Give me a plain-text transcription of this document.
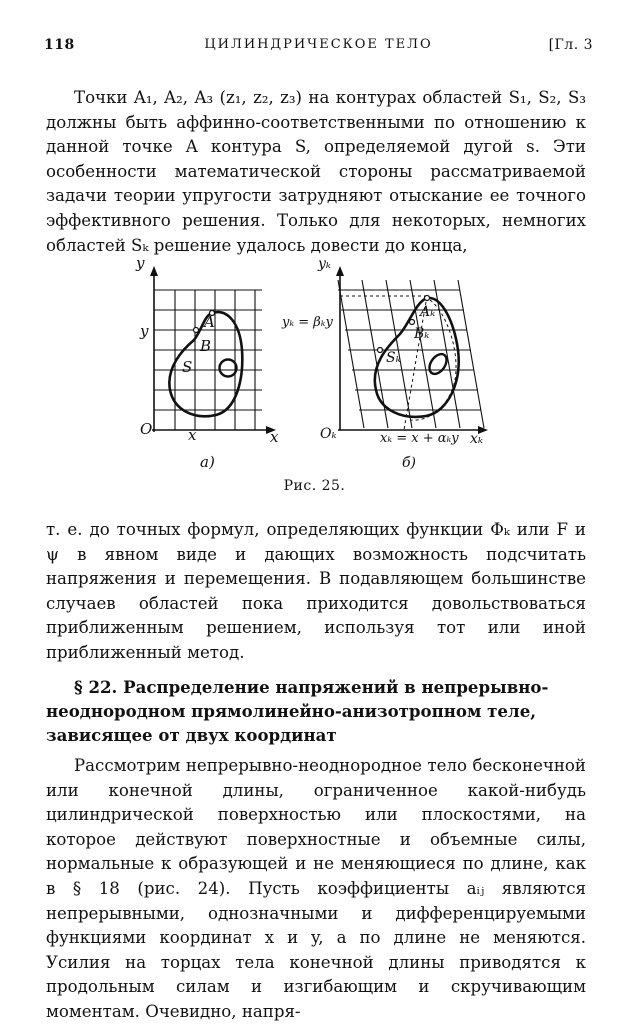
118	ЦИЛИНДРИЧЕСКОЕ ТЕЛО	[Гл. 3

Точки A₁, A₂, A₃ (z₁, z₂, z₃) на контурах областей S₁, S₂, S₃ должны быть аффинно-соответственными по отношению к данной точке A контура S, определяемой дугой s. Эти особенности математической стороны рассматриваемой задачи теории упругости затрудняют отыскание ее точного эффективного решения. Только для некоторых, немногих областей Sₖ решение удалось довести до конца,

y
y
O x	x
A
B
S
а)
yₖ
yₖ = βₖy
Oₖ	xₖ = x + αₖy xₖ
Aₖ
Bₖ
Sₖ
б)
Рис. 25.

т. е. до точных формул, определяющих функции Φₖ или F и ψ в явном виде и дающих возможность подсчитать напряжения и перемещения. В подавляющем большинстве случаев областей пока приходится довольствоваться приближенным решением, используя тот или иной приближенный метод.

§ 22. Распределение напряжений в непрерывно-неоднородном прямолинейно-анизотропном теле, зависящее от двух координат

Рассмотрим непрерывно-неоднородное тело бесконечной или конечной длины, ограниченное какой-нибудь цилиндрической поверхностью или плоскостями, на которое действуют поверхностные и объемные силы, нормальные к образующей и не меняющиеся по длине, как в § 18 (рис. 24). Пусть коэффициенты aᵢⱼ являются непрерывными, однозначными и дифференцируемыми функциями координат x и y, а по длине не меняются. Усилия на торцах тела конечной длины приводятся к продольным силам и изгибающим и скручивающим моментам. Очевидно, напря-
